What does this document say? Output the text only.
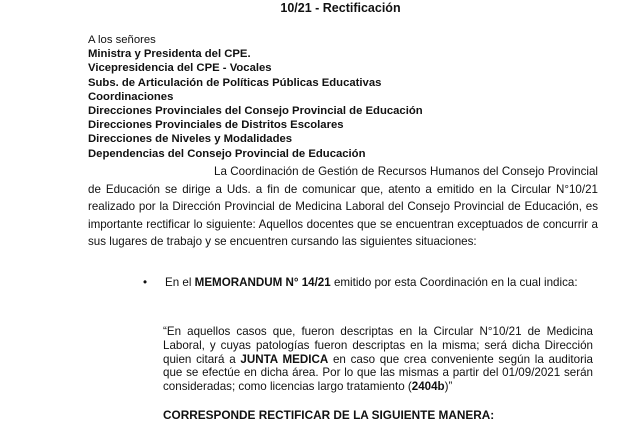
10/21 - Rectificación
A los señores
Ministra y Presidenta del CPE.
Vicepresidencia del CPE - Vocales
Subs. de Articulación de Políticas Públicas Educativas
Coordinaciones
Direcciones Provinciales del Consejo Provincial de Educación
Direcciones Provinciales de Distritos Escolares
Direcciones de Niveles y Modalidades
Dependencias del Consejo Provincial de Educación
La Coordinación de Gestión de Recursos Humanos del Consejo Provincial de Educación se dirige a Uds. a fin de comunicar que, atento a emitido en la Circular N°10/21 realizado por la Dirección Provincial de Medicina Laboral del Consejo Provincial de Educación, es importante rectificar lo siguiente: Aquellos docentes que se encuentran exceptuados de concurrir a sus lugares de trabajo y se encuentren cursando las siguientes situaciones:
• En el MEMORANDUM N° 14/21 emitido por esta Coordinación en la cual indica:
“En aquellos casos que, fueron descriptas en la Circular N°10/21 de Medicina Laboral, y cuyas patologías fueron descriptas en la misma; será dicha Dirección quien citará a JUNTA MEDICA en caso que crea conveniente según la auditoria que se efectúe en dicha área. Por lo que las mismas a partir del 01/09/2021 serán consideradas; como licencias largo tratamiento (2404b)”
CORRESPONDE RECTIFICAR DE LA SIGUIENTE MANERA:
